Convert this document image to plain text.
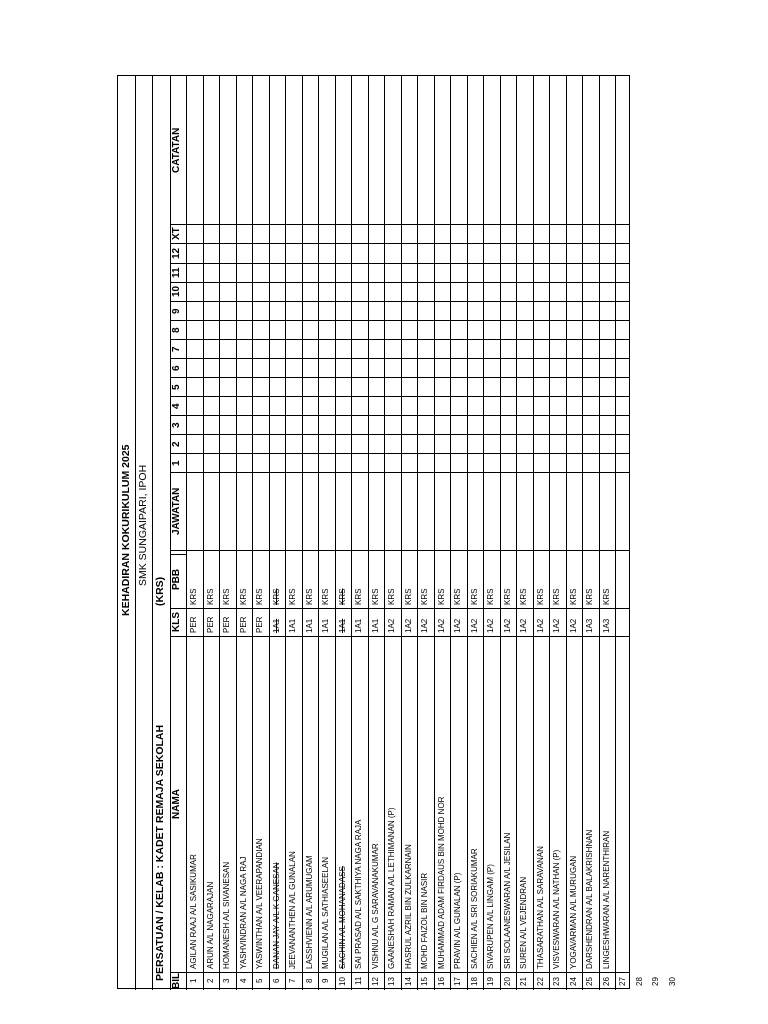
KEHADIRAN KOKURIKULUM 2025 SMK SUNGAIPARI, IPOH
PERSATUAN / KELAB : KADET REMAJA SEKOLAH
(KRS)
BIL
NAMA
KLS
PBB
JAWATAN
1
2
3
4
5
6
7
8
9
10
11
12
XT
CATATAN
1
AGILAN RAAJ A/L SASIKUMAR
PER
KRS
2
ARUN A/L NAGARAJAN
PER
KRS
3
HOMANESH A/L SIVANESAN
PER
KRS
4
YASHVINDRAN A/L NAGA RAJ
PER
KRS
5
YASWINTHAN A/L VEERAPANDIAN
PER
KRS
6
DANAN JAY A/L K GANESAN
1A1
KRS
7
JEEVANANTHEN A/L GUNALAN
1A1
KRS
8
LASSHVIENN A/L ARUMUGAM
1A1
KRS
9
MUGILAN A/L SATHIASEELAN
1A1
KRS
10
SACHIN A/L MOHANADASS
1A1
KRS
11
SAI PRASAD A/L SAKTHIYA NAGA RAJA
1A1
KRS
12
VISHNU A/L G SARAVANAKUMAR
1A1
KRS
13
GAANESHAH RAMAN A/L LETHIMANAN (P)
1A2
KRS
14
HASRUL AZRIL BIN ZULKARNAIN
1A2
KRS
15
MOHD FAIZOL BIN NASIR
1A2
KRS
16
MUHAMMAD ADAM FIRDAUS BIN MOHD NOR
1A2
KRS
17
PRAVIN A/L GUNALAN (P)
1A2
KRS
18
SACHIEN A/L SRI SORIAKUMAR
1A2
KRS
19
SIVARUPEN A/L LINGAM (P)
1A2
KRS
20
SRI SOLAANESWARAN A/L JESILAN
1A2
KRS
21
SUREN A/L VEJENDRAN
1A2
KRS
22
THASARATHAN A/L SARAVANAN
1A2
KRS
23
VISVESWARAN A/L NATHAN (P)
1A2
KRS
24
YOGAVARMAN A/L MURUGAN
1A2
KRS
25
DARSHENDRAN A/L BALAKRISHNAN
1A3
KRS
26
LINGESHWARAN A/L NARENTHIRAN
1A3
KRS
27 28 29 30
